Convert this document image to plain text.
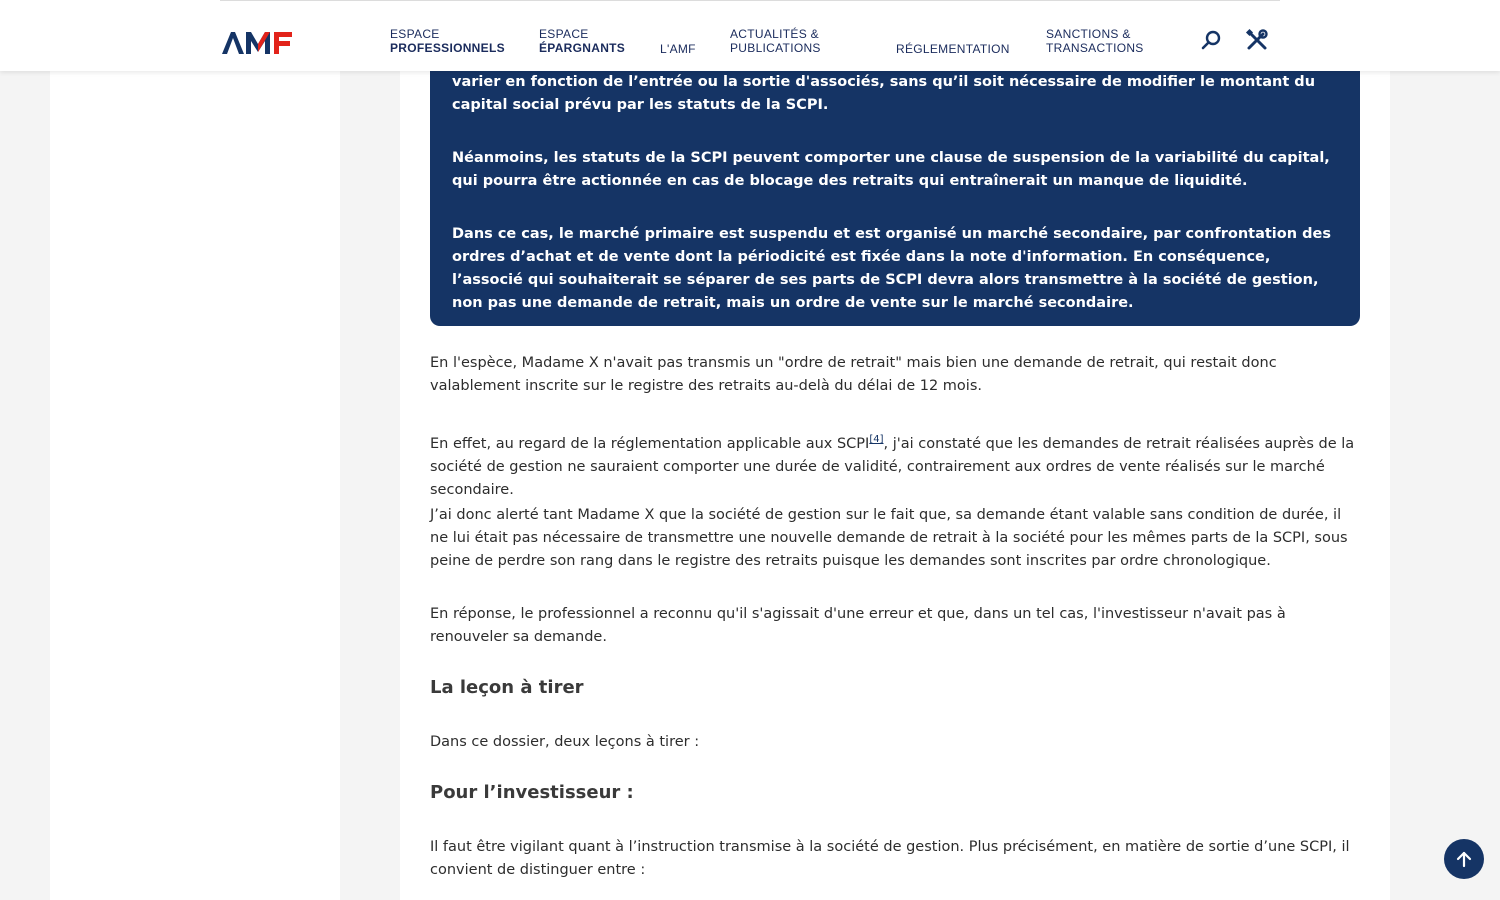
varier en fonction de l’entrée ou la sortie d'associés, sans qu’il soit nécessaire de modifier le montant du capital social prévu par les statuts de la SCPI.

Néanmoins, les statuts de la SCPI peuvent comporter une clause de suspension de la variabilité du capital, qui pourra être actionnée en cas de blocage des retraits qui entraînerait un manque de liquidité.

Dans ce cas, le marché primaire est suspendu et est organisé un marché secondaire, par confrontation des ordres d’achat et de vente dont la périodicité est fixée dans la note d'information. En conséquence, l’associé qui souhaiterait se séparer de ses parts de SCPI devra alors transmettre à la société de gestion, non pas une demande de retrait, mais un ordre de vente sur le marché secondaire.

AMF	ESPACE
PROFESSIONNELS
ESPACE
ÉPARGNANTS	L'AMF
ACTUALITÉS &
PUBLICATIONS	RÉGLEMENTATION
SANCTIONS &
TRANSACTIONS

En l'espèce, Madame X n'avait pas transmis un "ordre de retrait" mais bien une demande de retrait, qui restait donc valablement inscrite sur le registre des retraits au-delà du délai de 12 mois.

En effet, au regard de la réglementation applicable aux SCPI[4], j'ai constaté que les demandes de retrait réalisées auprès de la société de gestion ne sauraient comporter une durée de validité, contrairement aux ordres de vente réalisés sur le marché secondaire.

J’ai donc alerté tant Madame X que la société de gestion sur le fait que, sa demande étant valable sans condition de durée, il ne lui était pas nécessaire de transmettre une nouvelle demande de retrait à la société pour les mêmes parts de la SCPI, sous peine de perdre son rang dans le registre des retraits puisque les demandes sont inscrites par ordre chronologique.

En réponse, le professionnel a reconnu qu'il s'agissait d'une erreur et que, dans un tel cas, l'investisseur n'avait pas à renouveler sa demande.

La leçon à tirer

Dans ce dossier, deux leçons à tirer :

Pour l’investisseur :

Il faut être vigilant quant à l’instruction transmise à la société de gestion. Plus précisément, en matière de sortie d’une SCPI, il convient de distinguer entre :
